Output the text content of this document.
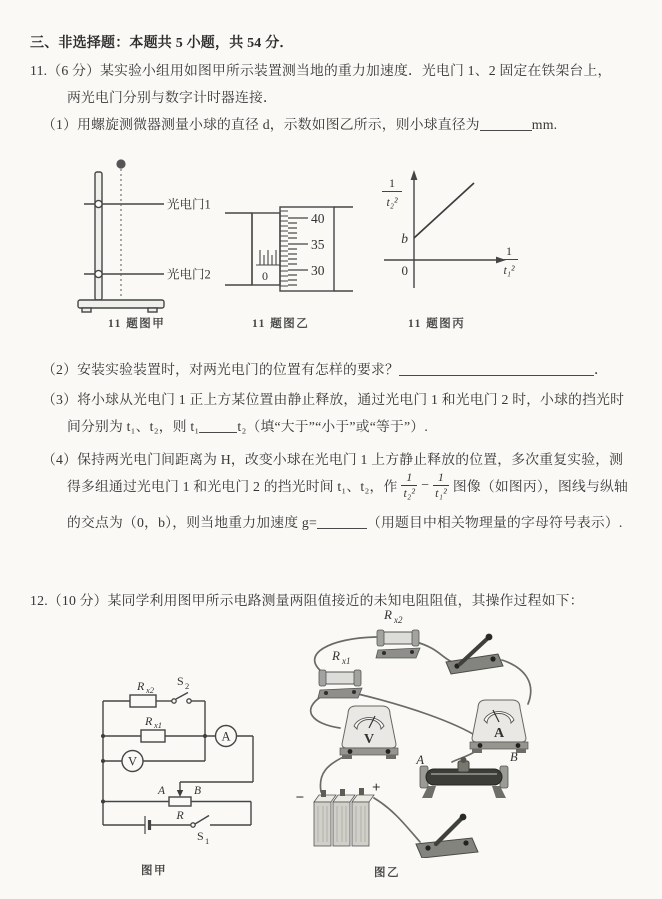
三、非选择题：本题共 5 小题，共 54 分．
11.（6 分）某实验小组用如图甲所示装置测当地的重力加速度．光电门 1、2 固定在铁架台上，
两光电门分别与数字计时器连接．
（1）用螺旋测微器测量小球的直径 d，示数如图乙所示，则小球直径为	mm.
光电门1
光电门2
11 题图甲
0
40
35
30
11 题图乙
b
0
1
t₂²
1
t₁²
11 题图丙
（2）安装实验装置时，对两光电门的位置有怎样的要求？	．
（3）将小球从光电门 1 正上方某位置由静止释放，通过光电门 1 和光电门 2 时，小球的挡光时
间分别为 t₁、t₂，则 t₁	t₂（填“大于”“小于”或“等于”）.
（4）保持两光电门间距离为 H，改变小球在光电门 1 上方静止释放的位置，多次重复实验，测
得多组通过光电门 1 和光电门 2 的挡光时间 t₁、t₂，作 $\frac{1}{\text{t₂²}} - \frac{1}{\text{t₁²}}$ 图像（如图丙），图线与纵轴
的交点为（0，b），则当地重力加速度 g=	（用题目中相关物理量的字母符号表示）.
12.（10 分）某同学利用图甲所示电路测量两阻值接近的未知电阻阻值，其操作过程如下：
R x2
S 2
R x1
A
V
A	B
R
S 1
图甲
R x2
R x1
A
V
A	B
−
+
图乙
